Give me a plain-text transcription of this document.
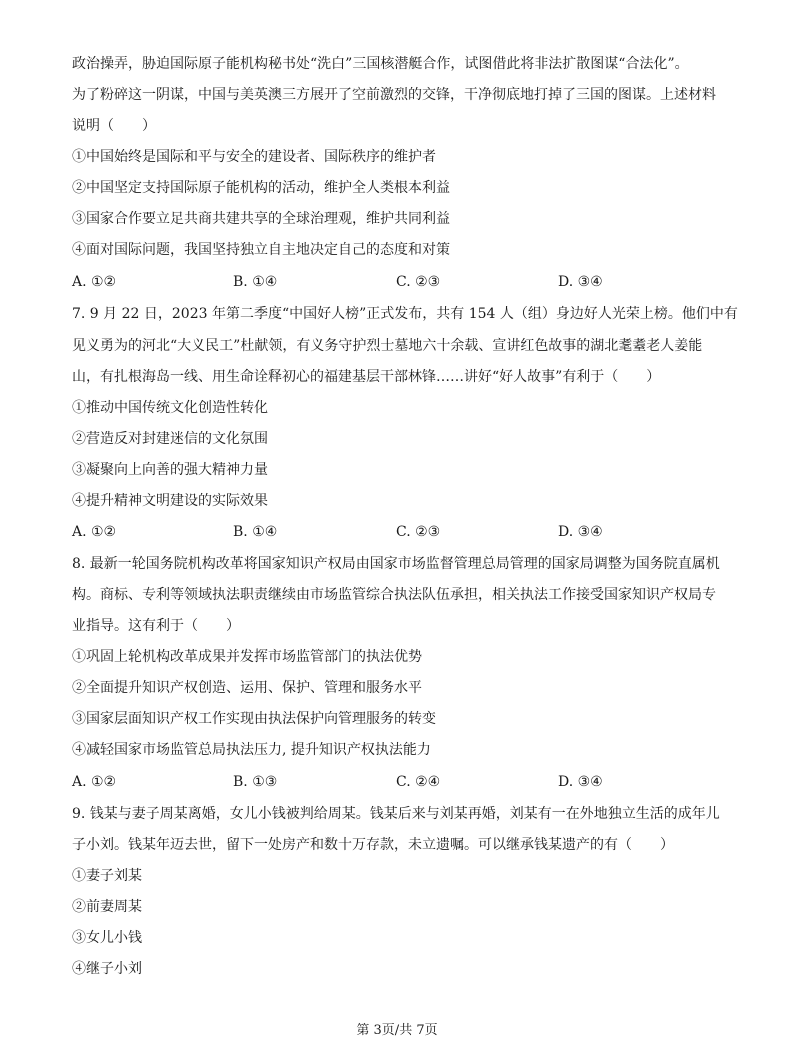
政治操弄，胁迫国际原子能机构秘书处“洗白”三国核潜艇合作，试图借此将非法扩散图谋“合法化”。
为了粉碎这一阴谋，中国与美英澳三方展开了空前激烈的交锋，干净彻底地打掉了三国的图谋。上述材料
说明（　　）
①中国始终是国际和平与安全的建设者、国际秩序的维护者
②中国坚定支持国际原子能机构的活动，维护全人类根本利益
③国家合作要立足共商共建共享的全球治理观，维护共同利益
④面对国际问题，我国坚持独立自主地决定自己的态度和对策
A. ①②	B. ①④	C. ②③	D. ③④
7. 9 月 22 日，2023 年第二季度“中国好人榜”正式发布，共有 154 人（组）身边好人光荣上榜。他们中有
见义勇为的河北“大义民工”杜献领，有义务守护烈士墓地六十余载、宣讲红色故事的湖北耄耋老人姜能
山，有扎根海岛一线、用生命诠释初心的福建基层干部林锋……讲好“好人故事”有利于（　　）
①推动中国传统文化创造性转化
②营造反对封建迷信的文化氛围
③凝聚向上向善的强大精神力量
④提升精神文明建设的实际效果
A. ①②	B. ①④	C. ②③	D. ③④
8. 最新一轮国务院机构改革将国家知识产权局由国家市场监督管理总局管理的国家局调整为国务院直属机
构。商标、专利等领域执法职责继续由市场监管综合执法队伍承担，相关执法工作接受国家知识产权局专
业指导。这有利于（　　）
①巩固上轮机构改革成果并发挥市场监管部门的执法优势
②全面提升知识产权创造、运用、保护、管理和服务水平
③国家层面知识产权工作实现由执法保护向管理服务的转变
④减轻国家市场监管总局执法压力, 提升知识产权执法能力
A. ①②	B. ①③	C. ②④	D. ③④
9. 钱某与妻子周某离婚，女儿小钱被判给周某。钱某后来与刘某再婚，刘某有一在外地独立生活的成年儿
子小刘。钱某年迈去世，留下一处房产和数十万存款，未立遗嘱。可以继承钱某遗产的有（　　）
①妻子刘某
②前妻周某
③女儿小钱
④继子小刘
第 3页/共 7页
